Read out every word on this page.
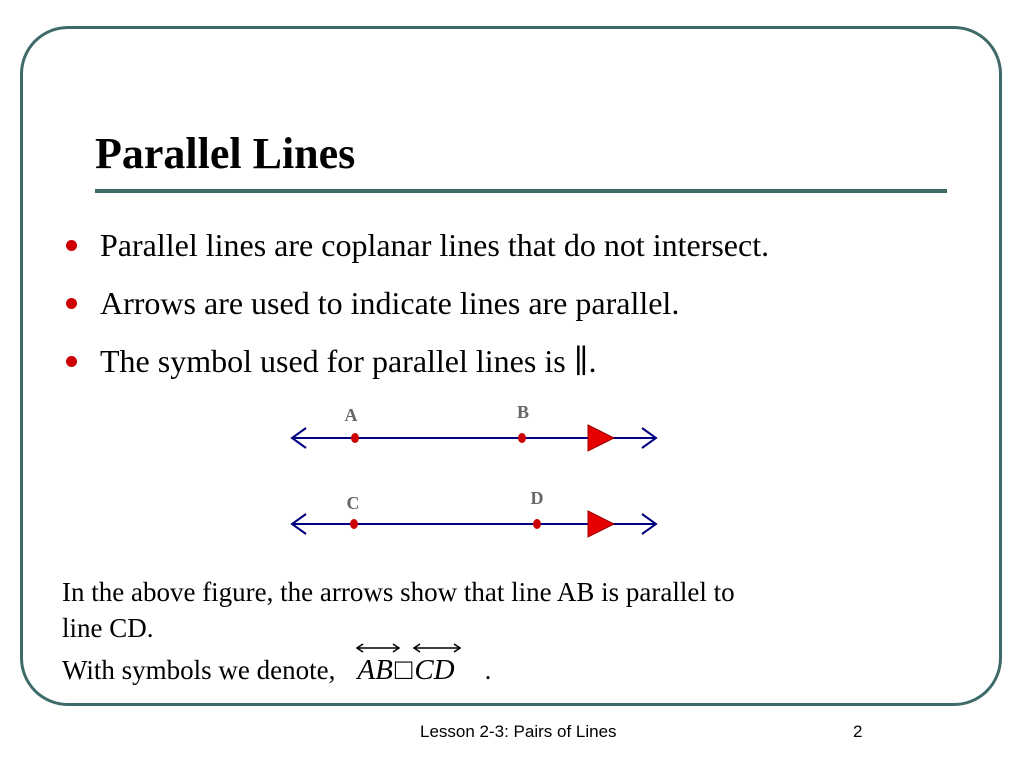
Parallel Lines
Parallel lines are coplanar lines that do not intersect.
Arrows are used to indicate lines are parallel.
The symbol used for parallel lines is ∥.
A	B
C	D

In the above figure, the arrows show that line AB is parallel to

line CD.

With symbols we denote, AB□
CD .

Lesson 2-3: Pairs of Lines	2
